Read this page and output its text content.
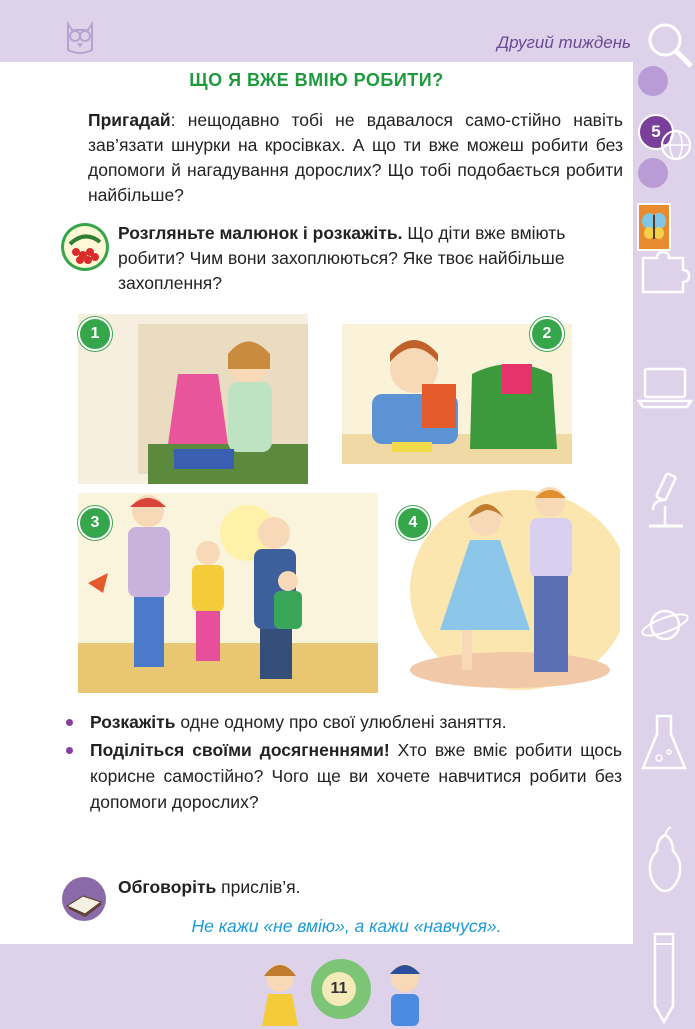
Другий тиждень
5
ЩО Я ВЖЕ ВМІЮ РОБИТИ?
Пригадай: нещодавно тобі не вдавалося само-стійно навіть зав’язати шнурки на кросівках. А що ти вже можеш робити без допомоги й нагадування дорослих? Що тобі подобається робити найбільше?
Розгляньте малюнок і розкажіть. Що діти вже вміють робити? Чим вони захоплюються? Яке твоє найбільше захоплення?
1	2
3	4
Розкажіть одне одному про свої улюблені заняття.
Поділіться своїми досягненнями! Хто вже вміє робити щось корисне самостійно? Чого ще ви хочете навчитися робити без допомоги дорослих?
Обговоріть прислів’я.
Не кажи «не вмію», а кажи «навчуся».
11
